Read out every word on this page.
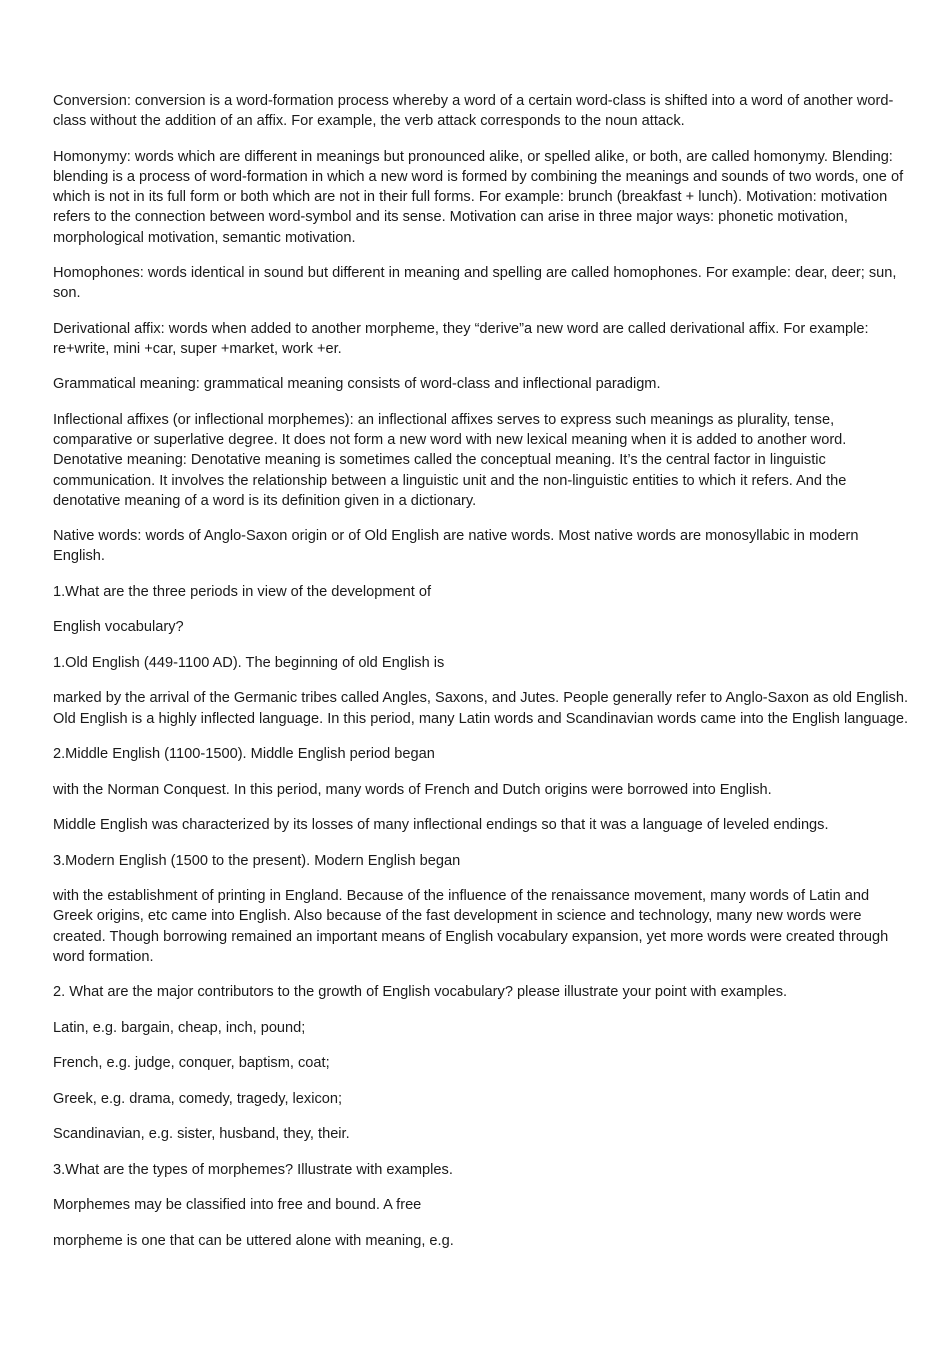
Conversion: conversion is a word-formation process whereby a word of a certain word-class is shifted into a word of another word-class without the addition of an affix. For example, the verb attack corresponds to the noun attack.

Homonymy: words which are different in meanings but pronounced alike, or spelled alike, or both, are called homonymy. Blending: blending is a process of word-formation in which a new word is formed by combining the meanings and sounds of two words, one of which is not in its full form or both which are not in their full forms. For example: brunch (breakfast + lunch). Motivation: motivation refers to the connection between word-symbol and its sense. Motivation can arise in three major ways: phonetic motivation, morphological motivation, semantic motivation.

Homophones: words identical in sound but different in meaning and spelling are called homophones. For example: dear, deer; sun, son.

Derivational affix: words when added to another morpheme, they “derive”a new word are called derivational affix. For example: re+write, mini +car, super +market, work +er.

Grammatical meaning: grammatical meaning consists of word-class and inflectional paradigm.

Inflectional affixes (or inflectional morphemes): an inflectional affixes serves to express such meanings as plurality, tense, comparative or superlative degree. It does not form a new word with new lexical meaning when it is added to another word. Denotative meaning: Denotative meaning is sometimes called the conceptual meaning. It’s the central factor in linguistic communication. It involves the relationship between a linguistic unit and the non-linguistic entities to which it refers. And the denotative meaning of a word is its definition given in a dictionary.

Native words: words of Anglo-Saxon origin or of Old English are native words. Most native words are monosyllabic in modern English.

1.What are the three periods in view of the development of

English vocabulary?

1.Old English (449-1100 AD). The beginning of old English is

marked by the arrival of the Germanic tribes called Angles, Saxons, and Jutes. People generally refer to Anglo-Saxon as old English. Old English is a highly inflected language. In this period, many Latin words and Scandinavian words came into the English language.

2.Middle English (1100-1500). Middle English period began

with the Norman Conquest. In this period, many words of French and Dutch origins were borrowed into English.

Middle English was characterized by its losses of many inflectional endings so that it was a language of leveled endings.

3.Modern English (1500 to the present). Modern English began

with the establishment of printing in England. Because of the influence of the renaissance movement, many words of Latin and Greek origins, etc came into English. Also because of the fast development in science and technology, many new words were created. Though borrowing remained an important means of English vocabulary expansion, yet more words were created through word formation.

2. What are the major contributors to the growth of English vocabulary? please illustrate your point with examples.

Latin, e.g. bargain, cheap, inch, pound;

French, e.g. judge, conquer, baptism, coat;

Greek, e.g. drama, comedy, tragedy, lexicon;

Scandinavian, e.g. sister, husband, they, their.

3.What are the types of morphemes? Illustrate with examples.

Morphemes may be classified into free and bound. A free

morpheme is one that can be uttered alone with meaning, e.g.
